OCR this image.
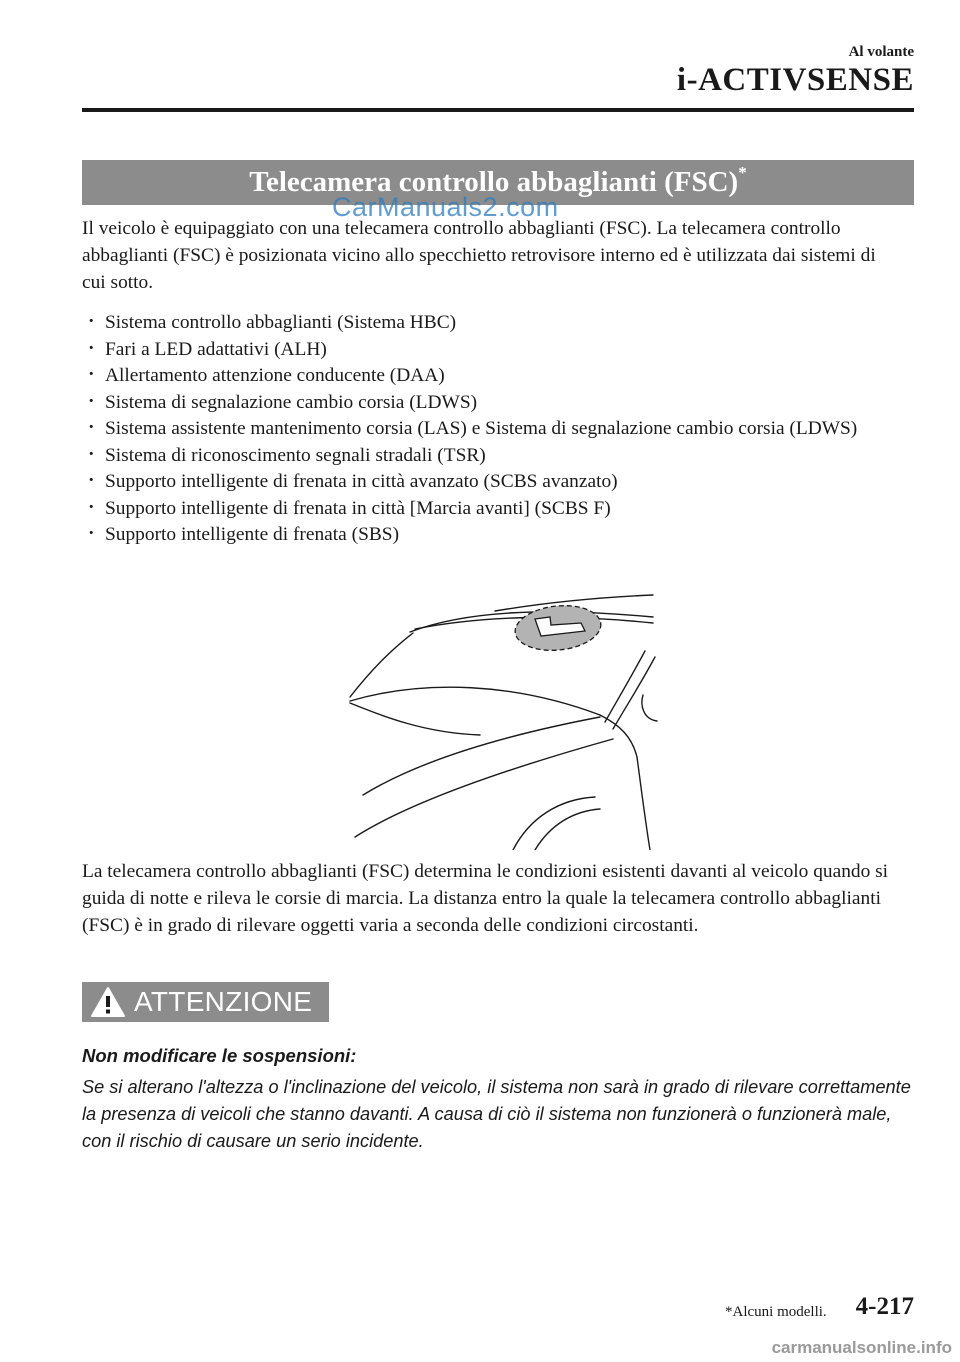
Al volante
i-ACTIVSENSE
Telecamera controllo abbaglianti (FSC)*
CarManuals2.com

Il veicolo è equipaggiato con una telecamera controllo abbaglianti (FSC). La telecamera controllo abbaglianti (FSC) è posizionata vicino allo specchietto retrovisore interno ed è utilizzata dai sistemi di cui sotto.

· Sistema controllo abbaglianti (Sistema HBC)
· Fari a LED adattativi (ALH)
· Allertamento attenzione conducente (DAA)
· Sistema di segnalazione cambio corsia (LDWS)
· Sistema assistente mantenimento corsia (LAS) e Sistema di segnalazione cambio corsia (LDWS)
· Sistema di riconoscimento segnali stradali (TSR)
· Supporto intelligente di frenata in città avanzato (SCBS avanzato)
· Supporto intelligente di frenata in città [Marcia avanti] (SCBS F)
· Supporto intelligente di frenata (SBS)

La telecamera controllo abbaglianti (FSC) determina le condizioni esistenti davanti al veicolo quando si guida di notte e rileva le corsie di marcia. La distanza entro la quale la telecamera controllo abbaglianti (FSC) è in grado di rilevare oggetti varia a seconda delle condizioni circostanti.

ATTENZIONE

Non modificare le sospensioni:

Se si alterano l'altezza o l'inclinazione del veicolo, il sistema non sarà in grado di rilevare correttamente la presenza di veicoli che stanno davanti. A causa di ciò il sistema non funzionerà o funzionerà male, con il rischio di causare un serio incidente.

*Alcuni modelli. 4-217
carmanualsonline.info
